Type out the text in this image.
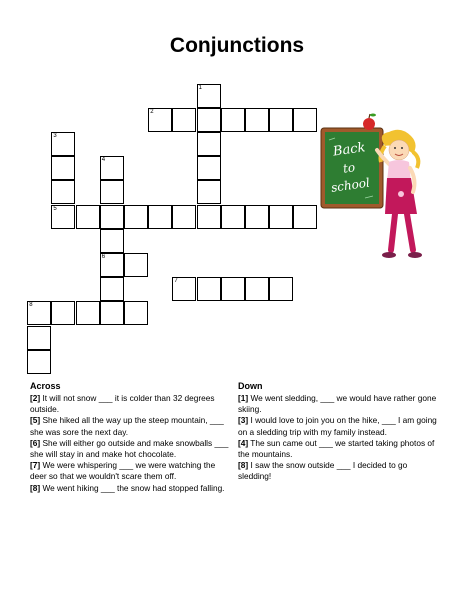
Conjunctions
2
5
6
7
8
1
3
4
Back
to
school
Across

[2] It will not snow ___ it is colder than 32 degrees outside.

[5] She hiked all the way up the steep mountain, ___ she was sore the next day.

[6] She will either go outside and make snowballs ___ she will stay in and make hot chocolate.

[7] We were whispering ___ we were watching the deer so that we wouldn't scare them off.

[8] We went hiking ___ the snow had stopped falling.

Down

[1] We went sledding, ___ we would have rather gone skiing.

[3] I would love to join you on the hike, ___ I am going on a sledding trip with my family instead.

[4] The sun came out ___ we started taking photos of the mountains.

[8] I saw the snow outside ___ I decided to go sledding!
